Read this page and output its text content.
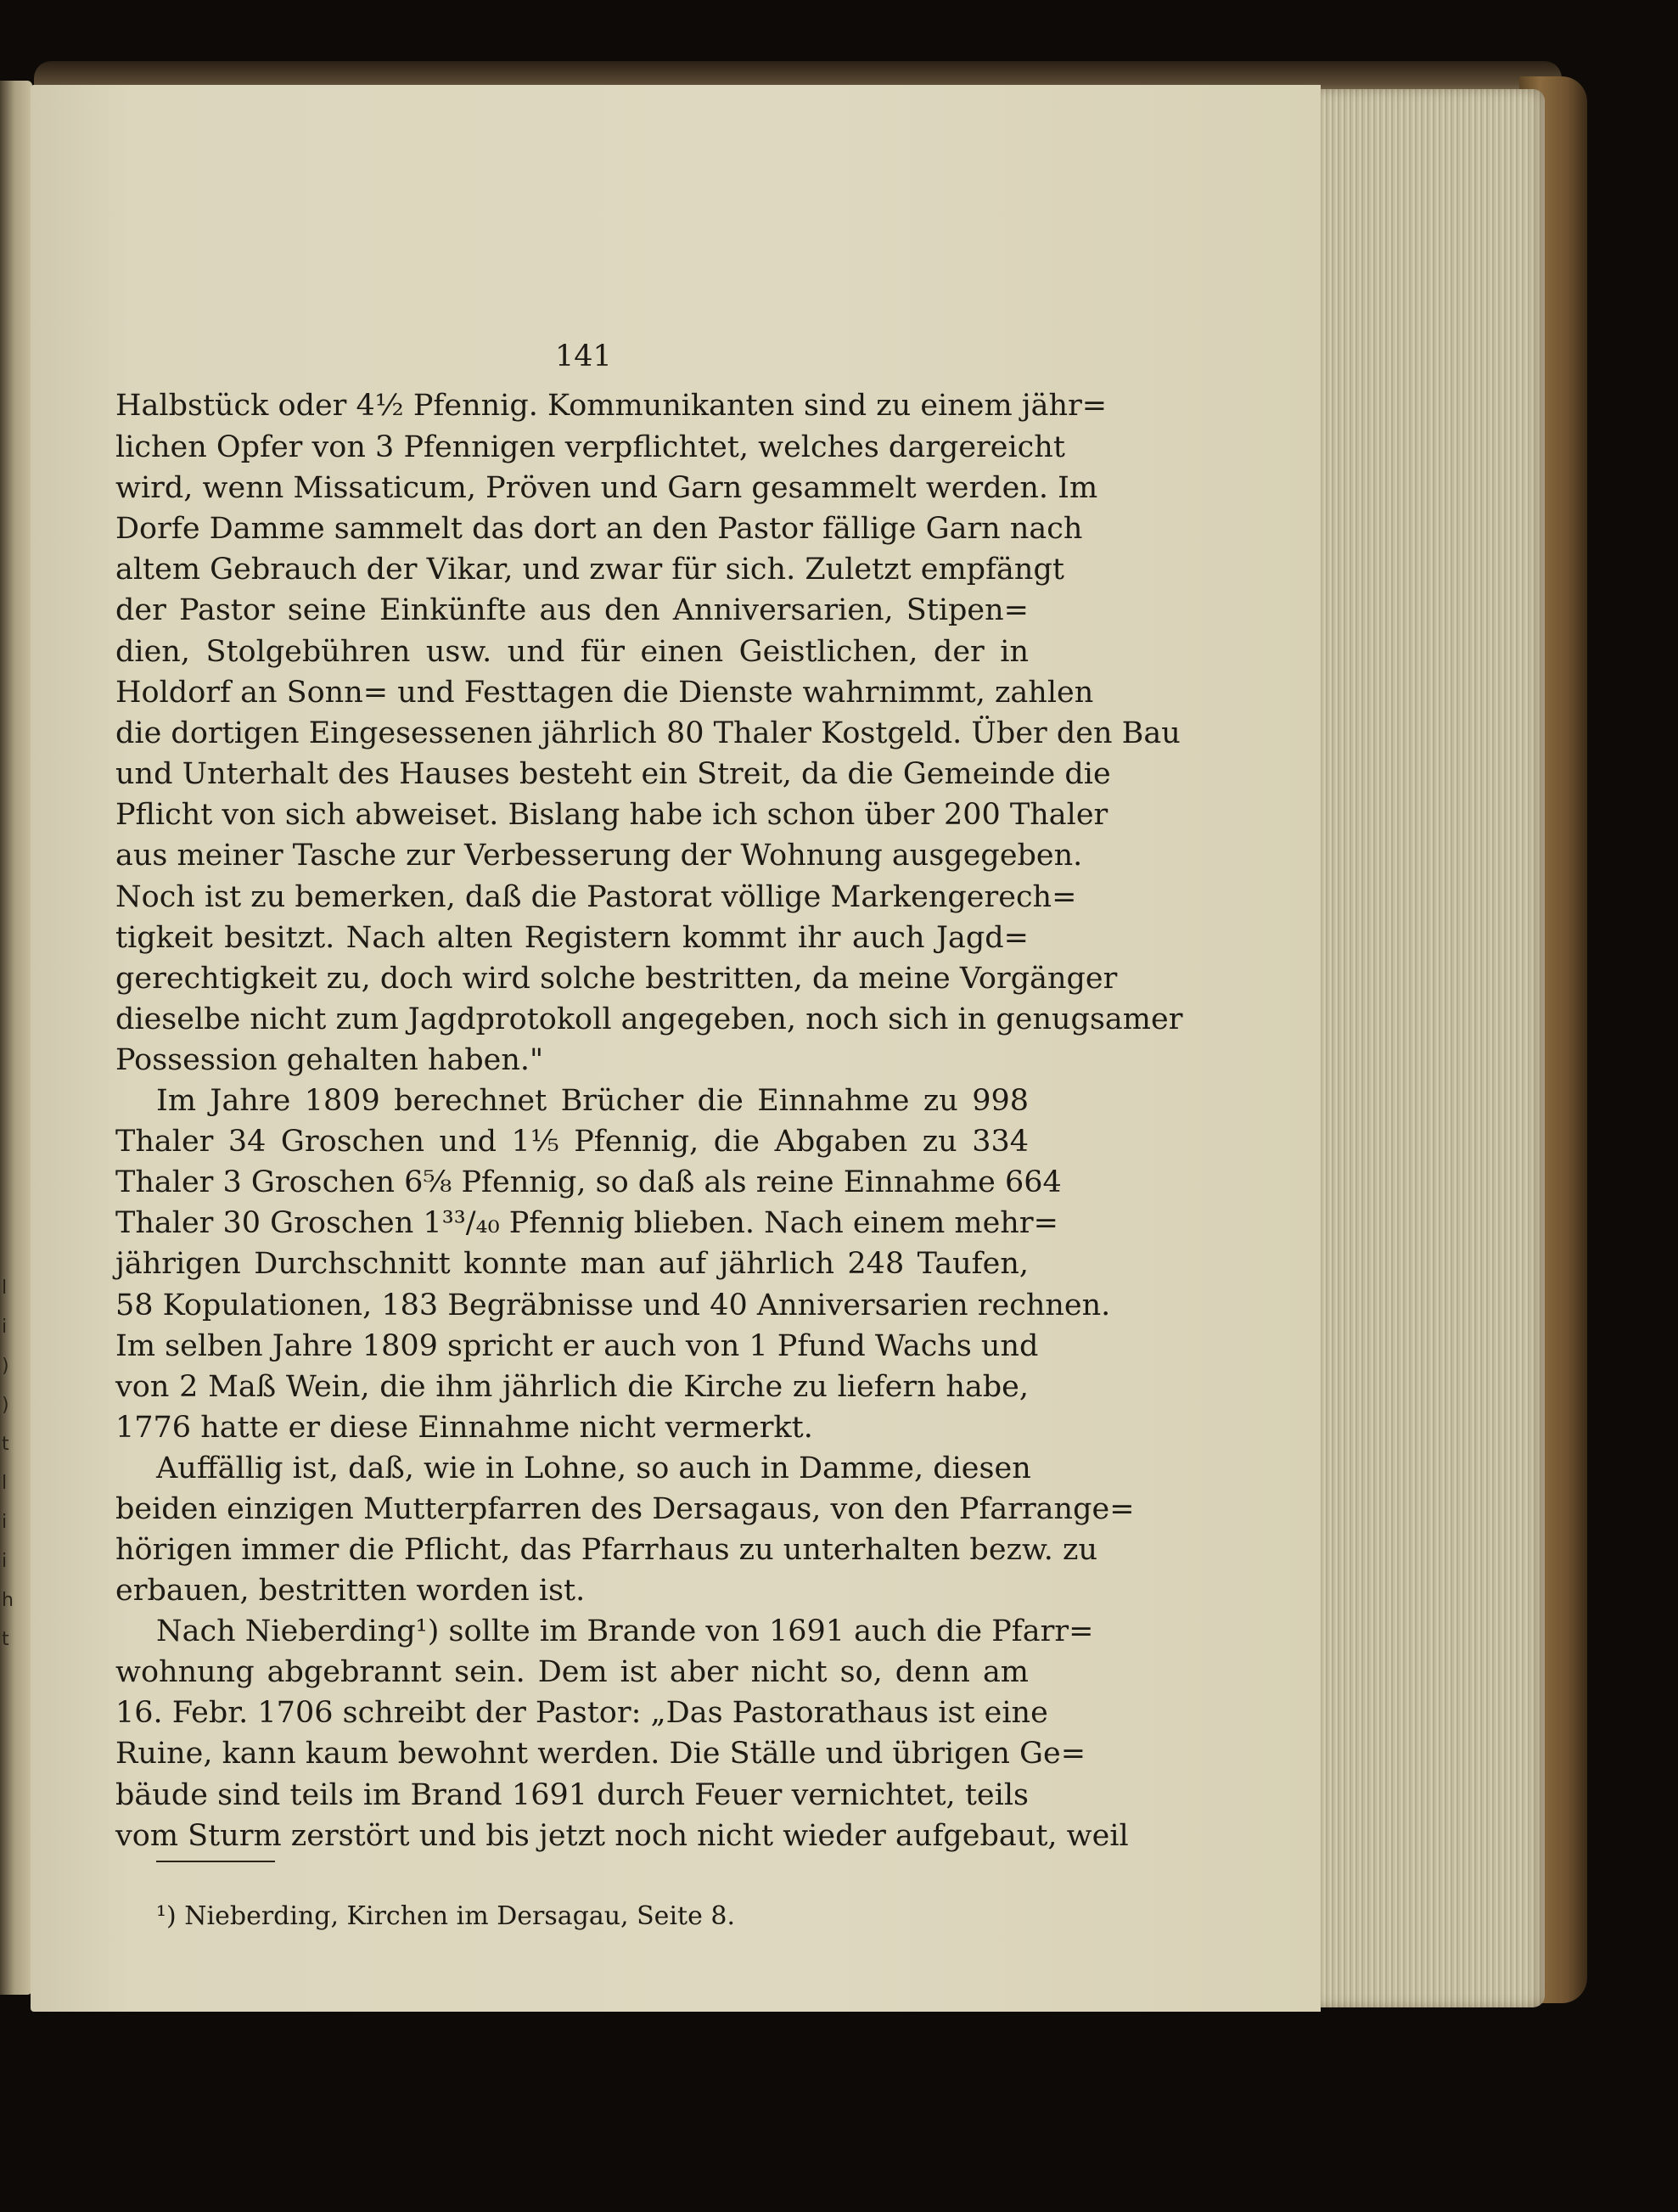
l
i
)
)
t
l
i
i
h
t
141
Halbstück oder 4½ Pfennig. Kommunikanten sind zu einem jähr=
lichen Opfer von 3 Pfennigen verpflichtet, welches dargereicht
wird, wenn Missaticum, Pröven und Garn gesammelt werden. Im
Dorfe Damme sammelt das dort an den Pastor fällige Garn nach
altem Gebrauch der Vikar, und zwar für sich. Zuletzt empfängt
der Pastor seine Einkünfte aus den Anniversarien, Stipen=
dien, Stolgebühren usw. und für einen Geistlichen, der in
Holdorf an Sonn= und Festtagen die Dienste wahrnimmt, zahlen
die dortigen Eingesessenen jährlich 80 Thaler Kostgeld. Über den Bau
und Unterhalt des Hauses besteht ein Streit, da die Gemeinde die
Pflicht von sich abweiset. Bislang habe ich schon über 200 Thaler
aus meiner Tasche zur Verbesserung der Wohnung ausgegeben.
Noch ist zu bemerken, daß die Pastorat völlige Markengerech=
tigkeit besitzt. Nach alten Registern kommt ihr auch Jagd=
gerechtigkeit zu, doch wird solche bestritten, da meine Vorgänger
dieselbe nicht zum Jagdprotokoll angegeben, noch sich in genugsamer
Possession gehalten haben."
Im Jahre 1809 berechnet Brücher die Einnahme zu 998
Thaler 34 Groschen und 1⅕ Pfennig, die Abgaben zu 334
Thaler 3 Groschen 6⅝ Pfennig, so daß als reine Einnahme 664
Thaler 30 Groschen 1³³/₄₀ Pfennig blieben. Nach einem mehr=
jährigen Durchschnitt konnte man auf jährlich 248 Taufen,
58 Kopulationen, 183 Begräbnisse und 40 Anniversarien rechnen.
Im selben Jahre 1809 spricht er auch von 1 Pfund Wachs und
von 2 Maß Wein, die ihm jährlich die Kirche zu liefern habe,
1776 hatte er diese Einnahme nicht vermerkt.
Auffällig ist, daß, wie in Lohne, so auch in Damme, diesen
beiden einzigen Mutterpfarren des Dersagaus, von den Pfarrange=
hörigen immer die Pflicht, das Pfarrhaus zu unterhalten bezw. zu
erbauen, bestritten worden ist.
Nach Nieberding¹) sollte im Brande von 1691 auch die Pfarr=
wohnung abgebrannt sein. Dem ist aber nicht so, denn am
16. Febr. 1706 schreibt der Pastor: „Das Pastorathaus ist eine
Ruine, kann kaum bewohnt werden. Die Ställe und übrigen Ge=
bäude sind teils im Brand 1691 durch Feuer vernichtet, teils
vom Sturm zerstört und bis jetzt noch nicht wieder aufgebaut, weil
¹) Nieberding, Kirchen im Dersagau, Seite 8.
